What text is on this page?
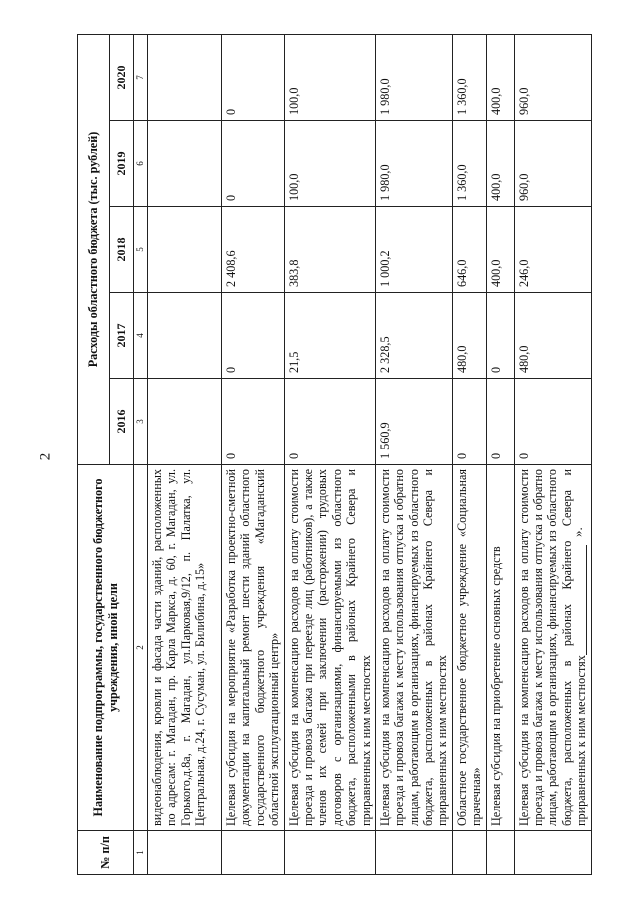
2
№ п/п	Наименование подпрограммы, государственного бюджетного учреждения, иной цели	Расходы областного бюджета (тыс. рублей)				
		2016	2017	2018	2019	2020
1	2	3	4	5	6	7
	видеонаблюдения, кровли и фасада части зданий, расположенных по адресам: г. Магадан, пр. Карла Маркса, д. 60, г. Магадан, ул. Горького,д.8а, г. Магадан, ул.Парковая,9/12, п. Палатка, ул. Центральная, д.24, г. Сусуман, ул. Билибина, д.15»					
	Целевая субсидия на мероприятие «Разработка проектно-сметной документации на капитальный ремонт шести зданий областного государственного бюджетного учреждения «Магаданский областной эксплуатационный центр»	0	0	2 408,6	0	0
	Целевая субсидия на компенсацию расходов на оплату стоимости проезда и провоза багажа при переезде лиц (работников), а также членов их семей при заключении (расторжении) трудовых договоров с организациями, финансируемыми из областного бюджета, расположенными в районах Крайнего Севера и приравненных к ним местностях	0	21,5	383,8	100,0	100,0
	Целевая субсидия на компенсацию расходов на оплату стоимости проезда и провоза багажа к месту использования отпуска и обратно лицам, работающим в организациях, финансируемых из областного бюджета, расположенных в районах Крайнего Севера и приравненных к ним местностях	1 560,9	2 328,5	1 000,2	1 980,0	1 980,0
	Областное государственное бюджетное учреждение «Социальная прачечная»	0	480,0	646,0	1 360,0	1 360,0
	Целевая субсидия на приобретение основных средств	0	0	400,0	400,0	400,0
	Целевая субсидия на компенсацию расходов на оплату стоимости проезда и провоза багажа к месту использования отпуска и обратно лицам, работающим в организациях, финансируемых из областного бюджета, расположенных в районах Крайнего Севера и приравненных к ним местностях	0	480,0	246,0	960,0	960,0
».
